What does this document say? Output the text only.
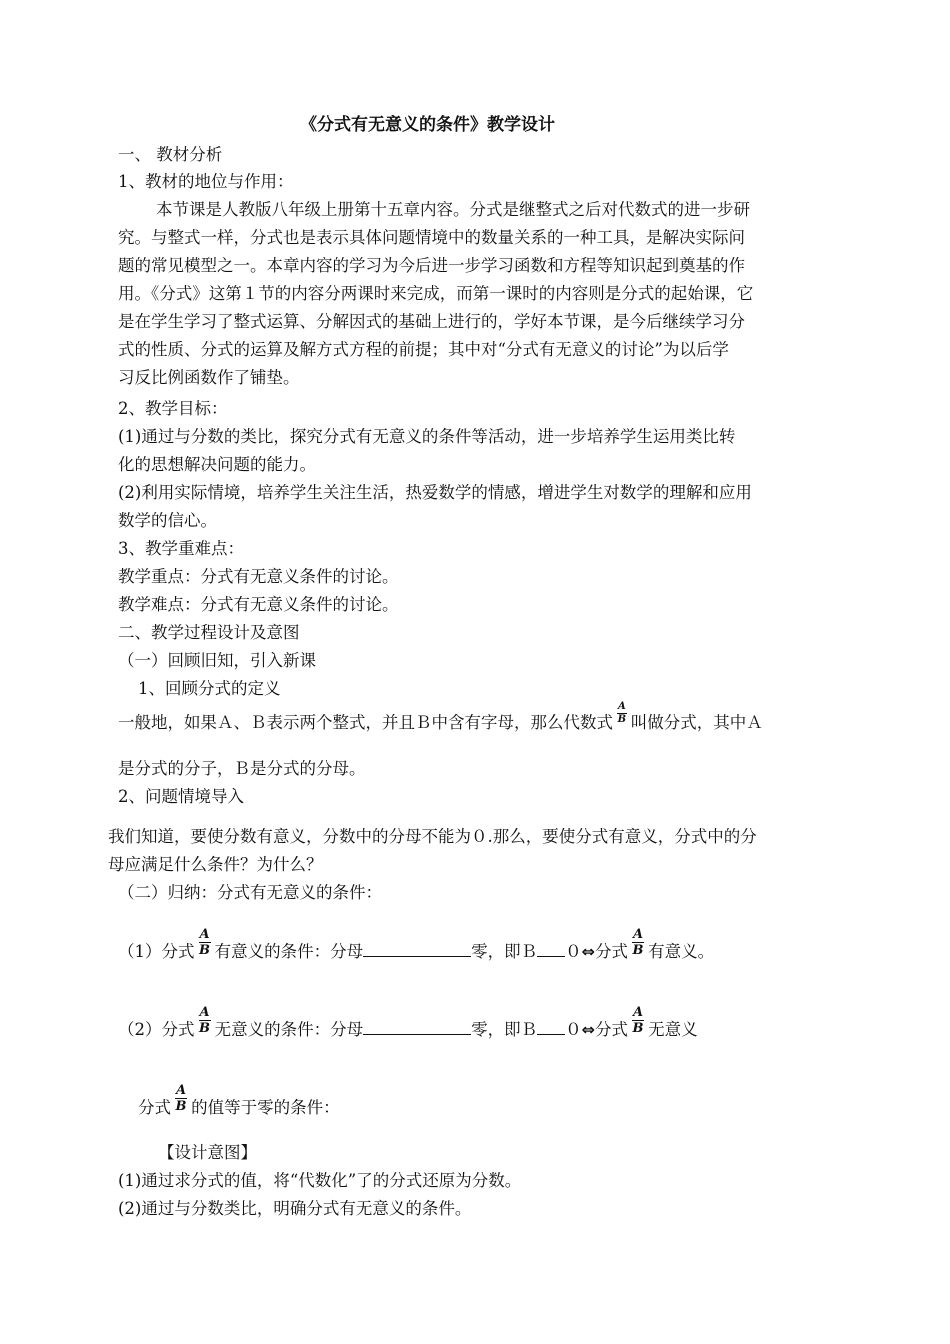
《分式有无意义的条件》教学设计
一、 教材分析
1、教材的地位与作用：
本节课是人教版八年级上册第十五章内容。分式是继整式之后对代数式的进一步研
究。与整式一样，分式也是表示具体问题情境中的数量关系的一种工具，是解决实际问
题的常见模型之一。本章内容的学习为今后进一步学习函数和方程等知识起到奠基的作
用。《分式》这第１节的内容分两课时来完成，而第一课时的内容则是分式的起始课，它
是在学生学习了整式运算、分解因式的基础上进行的，学好本节课，是今后继续学习分
式的性质、分式的运算及解方式方程的前提；其中对“分式有无意义的讨论”为以后学
习反比例函数作了铺垫。
2、教学目标：
(1)通过与分数的类比，探究分式有无意义的条件等活动，进一步培养学生运用类比转
化的思想解决问题的能力。
(2)利用实际情境，培养学生关注生活，热爱数学的情感，增进学生对数学的理解和应用
数学的信心。
3、教学重难点：
教学重点：分式有无意义条件的讨论。
教学难点：分式有无意义条件的讨论。
二、教学过程设计及意图
（一）回顾旧知，引入新课
1、回顾分式的定义
一般地，如果Ａ、Ｂ表示两个整式，并且Ｂ中含有字母，那么代数式 $\frac{A}{B}$ 叫做分式，其中Ａ
是分式的分子，Ｂ是分式的分母。
2、问题情境导入
我们知道，要使分数有意义，分数中的分母不能为０.那么，要使分式有意义，分式中的分
母应满足什么条件？为什么？
（二）归纳：分式有无意义的条件：
（1）分式 $\frac{A}{B}$ 有意义的条件：分母	零，即Ｂ ０⇔分式 $\frac{A}{B}$ 有意义。
（2）分式 $\frac{A}{B}$ 无意义的条件：分母	零，即Ｂ ０⇔分式 $\frac{A}{B}$ 无意义
分式 $\frac{A}{B}$ 的值等于零的条件：
【设计意图】
(1)通过求分式的值，将“代数化”了的分式还原为分数。
(2)通过与分数类比，明确分式有无意义的条件。
